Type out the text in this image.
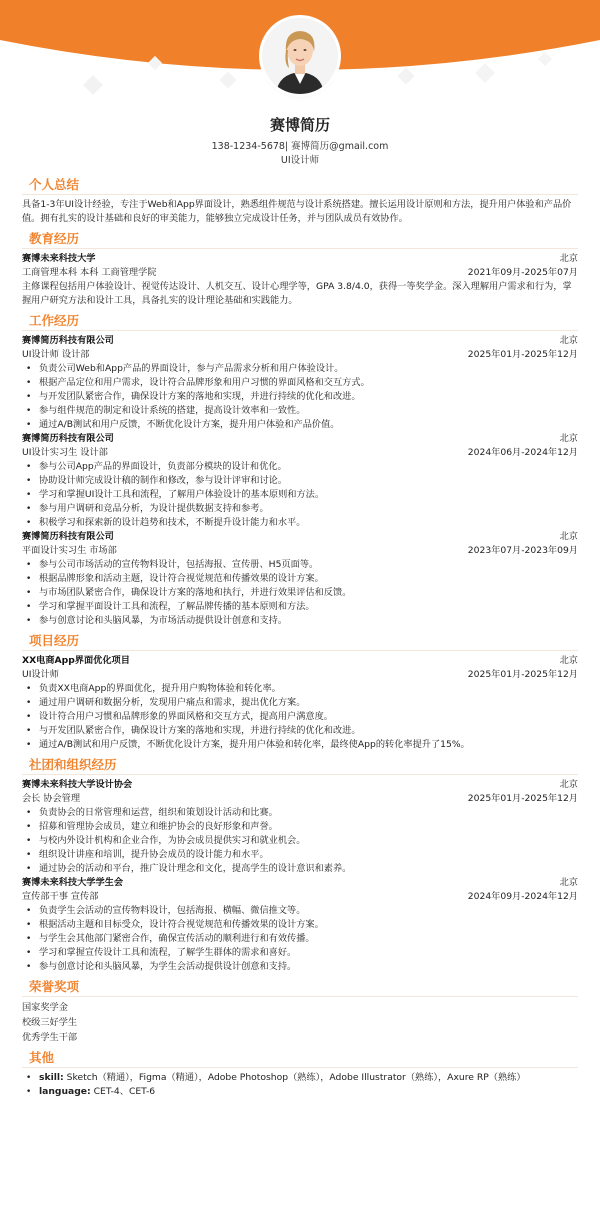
赛博简历
138-1234-5678| 赛博简历@gmail.com
UI设计师
个人总结
具备1-3年UI设计经验，专注于Web和App界面设计，熟悉组件规范与设计系统搭建。擅长运用设计原则和方法，提升用户体验和产品价值。拥有扎实的设计基础和良好的审美能力，能够独立完成设计任务，并与团队成员有效协作。
教育经历
赛博未来科技大学	北京
工商管理本科 本科 工商管理学院	2021年09月-2025年07月
主修课程包括用户体验设计、视觉传达设计、人机交互、设计心理学等，GPA 3.8/4.0，获得一等奖学金。深入理解用户需求和行为，掌握用户研究方法和设计工具，具备扎实的设计理论基础和实践能力。
工作经历
赛博简历科技有限公司	北京
UI设计师 设计部	2025年01月-2025年12月
• 负责公司Web和App产品的界面设计，参与产品需求分析和用户体验设计。
• 根据产品定位和用户需求，设计符合品牌形象和用户习惯的界面风格和交互方式。
• 与开发团队紧密合作，确保设计方案的落地和实现，并进行持续的优化和改进。
• 参与组件规范的制定和设计系统的搭建，提高设计效率和一致性。
• 通过A/B测试和用户反馈，不断优化设计方案，提升用户体验和产品价值。
赛博简历科技有限公司	北京
UI设计实习生 设计部	2024年06月-2024年12月
• 参与公司App产品的界面设计，负责部分模块的设计和优化。
• 协助设计师完成设计稿的制作和修改，参与设计评审和讨论。
• 学习和掌握UI设计工具和流程，了解用户体验设计的基本原则和方法。
• 参与用户调研和竞品分析，为设计提供数据支持和参考。
• 积极学习和探索新的设计趋势和技术，不断提升设计能力和水平。
赛博简历科技有限公司	北京
平面设计实习生 市场部	2023年07月-2023年09月
• 参与公司市场活动的宣传物料设计，包括海报、宣传册、H5页面等。
• 根据品牌形象和活动主题，设计符合视觉规范和传播效果的设计方案。
• 与市场团队紧密合作，确保设计方案的落地和执行，并进行效果评估和反馈。
• 学习和掌握平面设计工具和流程，了解品牌传播的基本原则和方法。
• 参与创意讨论和头脑风暴，为市场活动提供设计创意和支持。
项目经历
XX电商App界面优化项目	北京
UI设计师	2025年01月-2025年12月
• 负责XX电商App的界面优化，提升用户购物体验和转化率。
• 通过用户调研和数据分析，发现用户痛点和需求，提出优化方案。
• 设计符合用户习惯和品牌形象的界面风格和交互方式，提高用户满意度。
• 与开发团队紧密合作，确保设计方案的落地和实现，并进行持续的优化和改进。
• 通过A/B测试和用户反馈，不断优化设计方案，提升用户体验和转化率，最终使App的转化率提升了15%。
社团和组织经历
赛博未来科技大学设计协会	北京
会长 协会管理	2025年01月-2025年12月
• 负责协会的日常管理和运营，组织和策划设计活动和比赛。
• 招募和管理协会成员，建立和维护协会的良好形象和声誉。
• 与校内外设计机构和企业合作，为协会成员提供实习和就业机会。
• 组织设计讲座和培训，提升协会成员的设计能力和水平。
• 通过协会的活动和平台，推广设计理念和文化，提高学生的设计意识和素养。
赛博未来科技大学学生会	北京
宣传部干事 宣传部	2024年09月-2024年12月
• 负责学生会活动的宣传物料设计，包括海报、横幅、微信推文等。
• 根据活动主题和目标受众，设计符合视觉规范和传播效果的设计方案。
• 与学生会其他部门紧密合作，确保宣传活动的顺利进行和有效传播。
• 学习和掌握宣传设计工具和流程，了解学生群体的需求和喜好。
• 参与创意讨论和头脑风暴，为学生会活动提供设计创意和支持。
荣誉奖项
国家奖学金
校级三好学生
优秀学生干部
其他
• skill: Sketch（精通），Figma（精通），Adobe Photoshop（熟练），Adobe Illustrator（熟练），Axure RP（熟练）
• language: CET-4、CET-6
